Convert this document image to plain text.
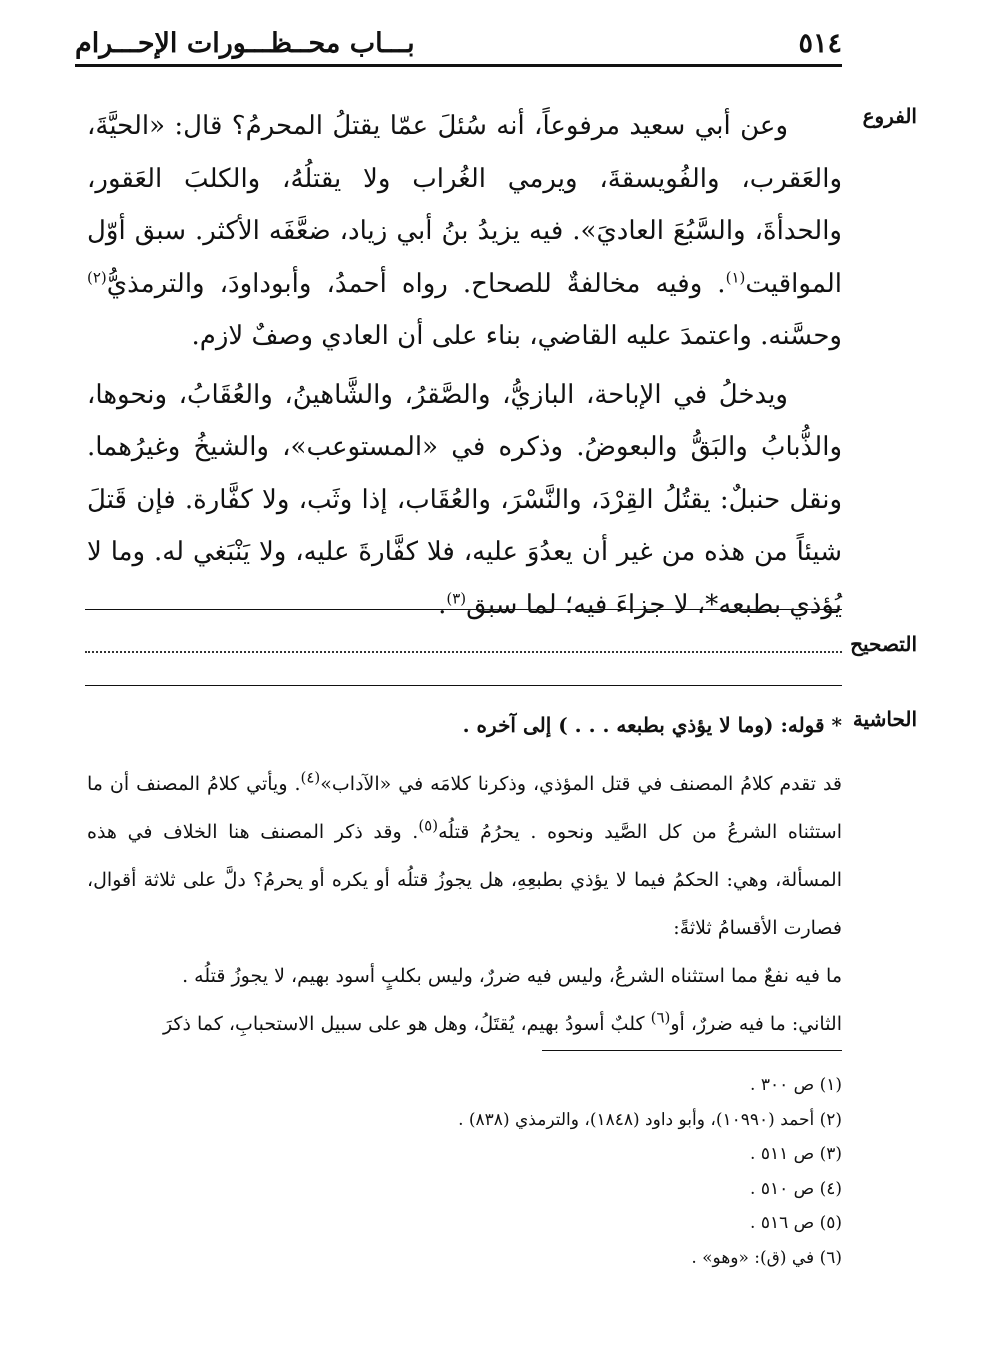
٥١٤
بـــاب محــظـــورات الإحـــرام
الفروع

وعن أبي سعيد مرفوعاً، أنه سُئلَ عمّا يقتلُ المحرمُ؟ قال: «الحيَّةَ، والعَقرب، والفُويسقةَ، ويرمي الغُراب ولا يقتلُهُ، والكلبَ العَقور، والحدأةَ، والسَّبُعَ العاديَ». فيه يزيدُ بنُ أبي زياد، ضعَّفَه الأكثر. سبق أوّل المواقيت$^{(١)}$. وفيه مخالفةٌ للصحاح. رواه أحمدُ، وأبوداودَ، والترمذيُّ$^{(٢)}$ وحسَّنه. واعتمدَ عليه القاضي، بناء على أن العادي وصفٌ لازم.

ويدخلُ في الإباحة، البازيُّ، والصَّقرُ، والشَّاهينُ، والعُقَابُ، ونحوها، والذُّبابُ والبَقُّ والبعوضُ. وذكره في «المستوعب»، والشيخُ وغيرُهما. ونقل حنبلٌ: يقتُلُ القِرْدَ، والنَّسْرَ، والعُقَاب، إذا وثَب، ولا كفَّارة. فإن قَتلَ شيئاً من هذه من غير أن يعدُوَ عليه، فلا كفَّارةَ عليه، ولا يَنْبَغي له. وما لا يُؤذي بطبعه*، لا جزاءَ فيه؛ لما سبق$^{(٣)}$.

التصحيح
الحاشية
* قوله: (وما لا يؤذي بطبعه . . . ) إلى آخره .

قد تقدم كلامُ المصنف في قتل المؤذي، وذكرنا كلامَه في «الآداب»$^{(٤)}$. ويأتي كلامُ المصنف أن ما استثناه الشرعُ من كل الصَّيد ونحوه . يحرُمُ قتلُه$^{(٥)}$. وقد ذكر المصنف هنا الخلاف في هذه المسألة، وهي: الحكمُ فيما لا يؤذي بطبعِهِ، هل يجوزُ قتلُه أو يكره أو يحرمُ؟ دلَّ على ثلاثة أقوال، فصارت الأقسامُ ثلاثةً:

ما فيه نفعٌ مما استثناه الشرعُ، وليس فيه ضررٌ، وليس بكلبٍ أسود بهيم، لا يجوزُ قتلُه .

الثاني: ما فيه ضررٌ، أو$^{(٦)}$ كلبٌ أسودُ بهيم، يُقتَلُ، وهل هو على سبيل الاستحبابِ، كما ذكرَ

(١) ص ٣٠٠ .
(٢) أحمد (١٠٩٩٠)، وأبو داود (١٨٤٨)، والترمذي (٨٣٨) .
(٣) ص ٥١١ .
(٤) ص ٥١٠ .
(٥) ص ٥١٦ .
(٦) في (ق): «وهو» .
